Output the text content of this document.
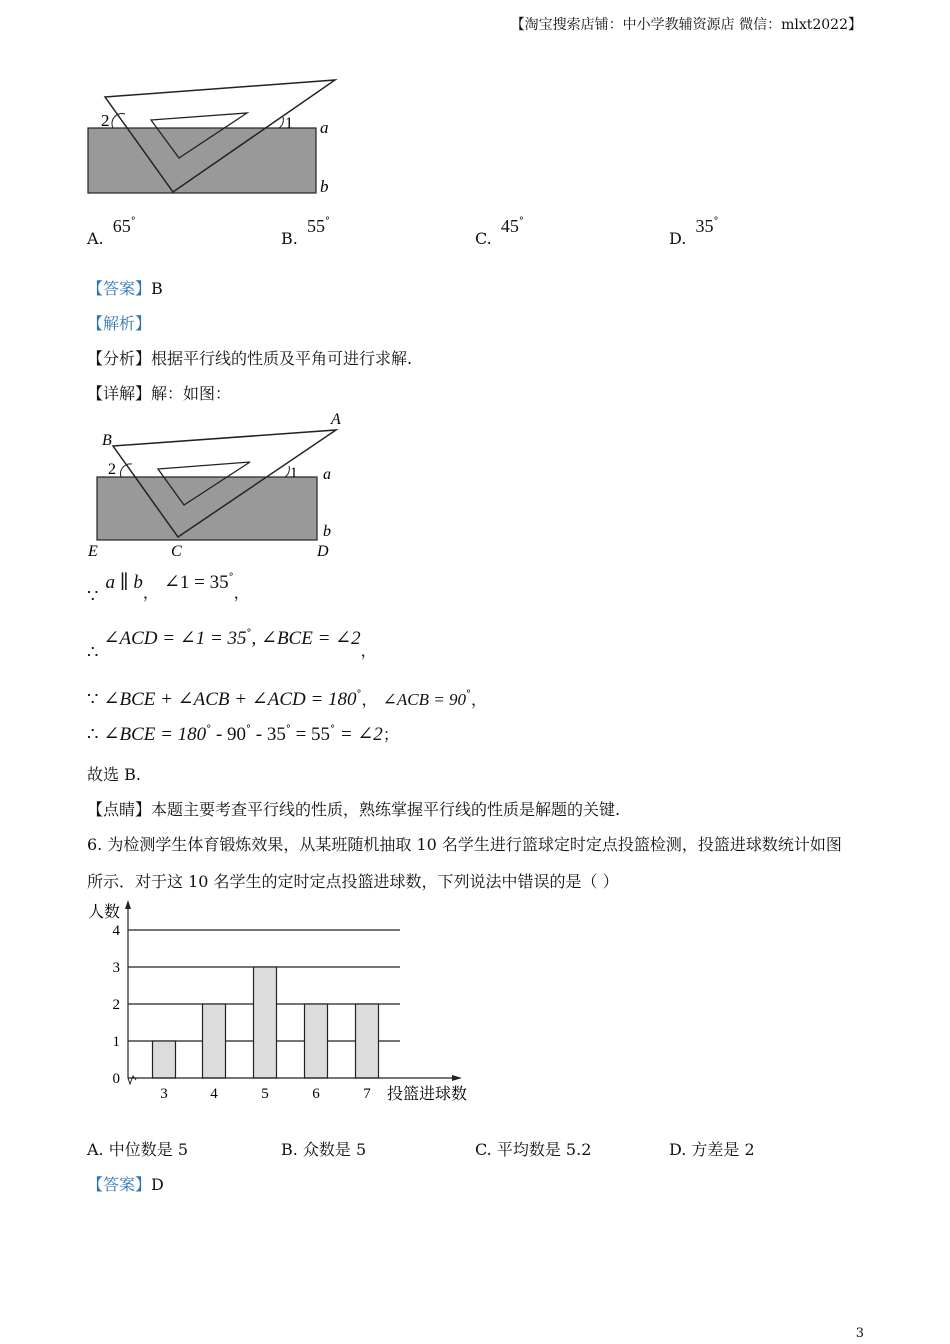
【淘宝搜索店铺：中小学教辅资源店 微信：mlxt2022】
2	1 a
b
A. 65°
B. 55°
C. 45°
D. 35°
【答案】B
【解析】
【分析】根据平行线的性质及平角可进行求解.
【详解】解：如图：
B
A
2	1 a
b
E	C	D
∵ a ∥ b， ∠1 = 35°，
∴ ∠ACD = ∠1 = 35°, ∠BCE = ∠2，
∵ ∠BCE + ∠ACB + ∠ACD = 180°， ∠ACB = 90°，
∴ ∠BCE = 180° - 90° - 35° = 55° = ∠2；
故选 B.
【点睛】本题主要考查平行线的性质，熟练掌握平行线的性质是解题的关键.
6. 为检测学生体育锻炼效果，从某班随机抽取 10 名学生进行篮球定时定点投篮检测，投篮进球数统计如图
所示．对于这 10 名学生的定时定点投篮进球数，下列说法中错误的是（ ）
人数
投篮进球数
0
1
2
3
4
3	4	5	6	7
A. 中位数是 5	B. 众数是 5	C. 平均数是 5.2	D. 方差是 2
【答案】D
3
